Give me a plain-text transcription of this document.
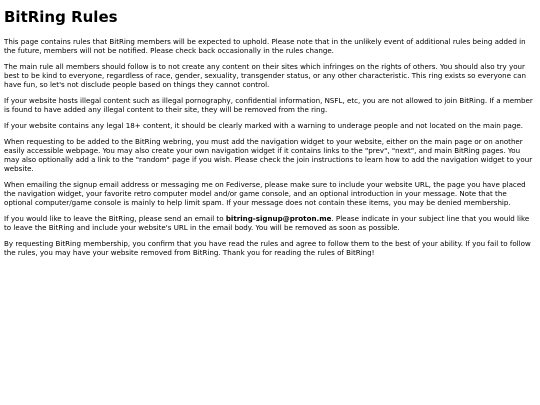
BitRing Rules

This page contains rules that BitRing members will be expected to uphold. Please note that in the unlikely event of additional rules being added in the future, members will not be notified. Please check back occasionally in the rules change.

The main rule all members should follow is to not create any content on their sites which infringes on the rights of others. You should also try your best to be kind to everyone, regardless of race, gender, sexuality, transgender status, or any other characteristic. This ring exists so everyone can have fun, so let's not disclude people based on things they cannot control.

If your website hosts illegal content such as illegal pornography, confidential information, NSFL, etc, you are not allowed to join BitRing. If a member is found to have added any illegal content to their site, they will be removed from the ring.

If your website contains any legal 18+ content, it should be clearly marked with a warning to underage people and not located on the main page.

When requesting to be added to the BitRing webring, you must add the navigation widget to your website, either on the main page or on another easily accessible webpage. You may also create your own navigation widget if it contains links to the "prev", "next", and main BitRing pages. You may also optionally add a link to the "random" page if you wish. Please check the join instructions to learn how to add the navigation widget to your website.

When emailing the signup email address or messaging me on Fediverse, please make sure to include your website URL, the page you have placed the navigation widget, your favorite retro computer model and/or game console, and an optional introduction in your message. Note that the optional computer/game console is mainly to help limit spam. If your message does not contain these items, you may be denied membership.

If you would like to leave the BitRing, please send an email to bitring-signup@proton.me. Please indicate in your subject line that you would like to leave the BitRing and include your website's URL in the email body. You will be removed as soon as possible.

By requesting BitRing membership, you confirm that you have read the rules and agree to follow them to the best of your ability. If you fail to follow the rules, you may have your website removed from BitRing. Thank you for reading the rules of BitRing!
